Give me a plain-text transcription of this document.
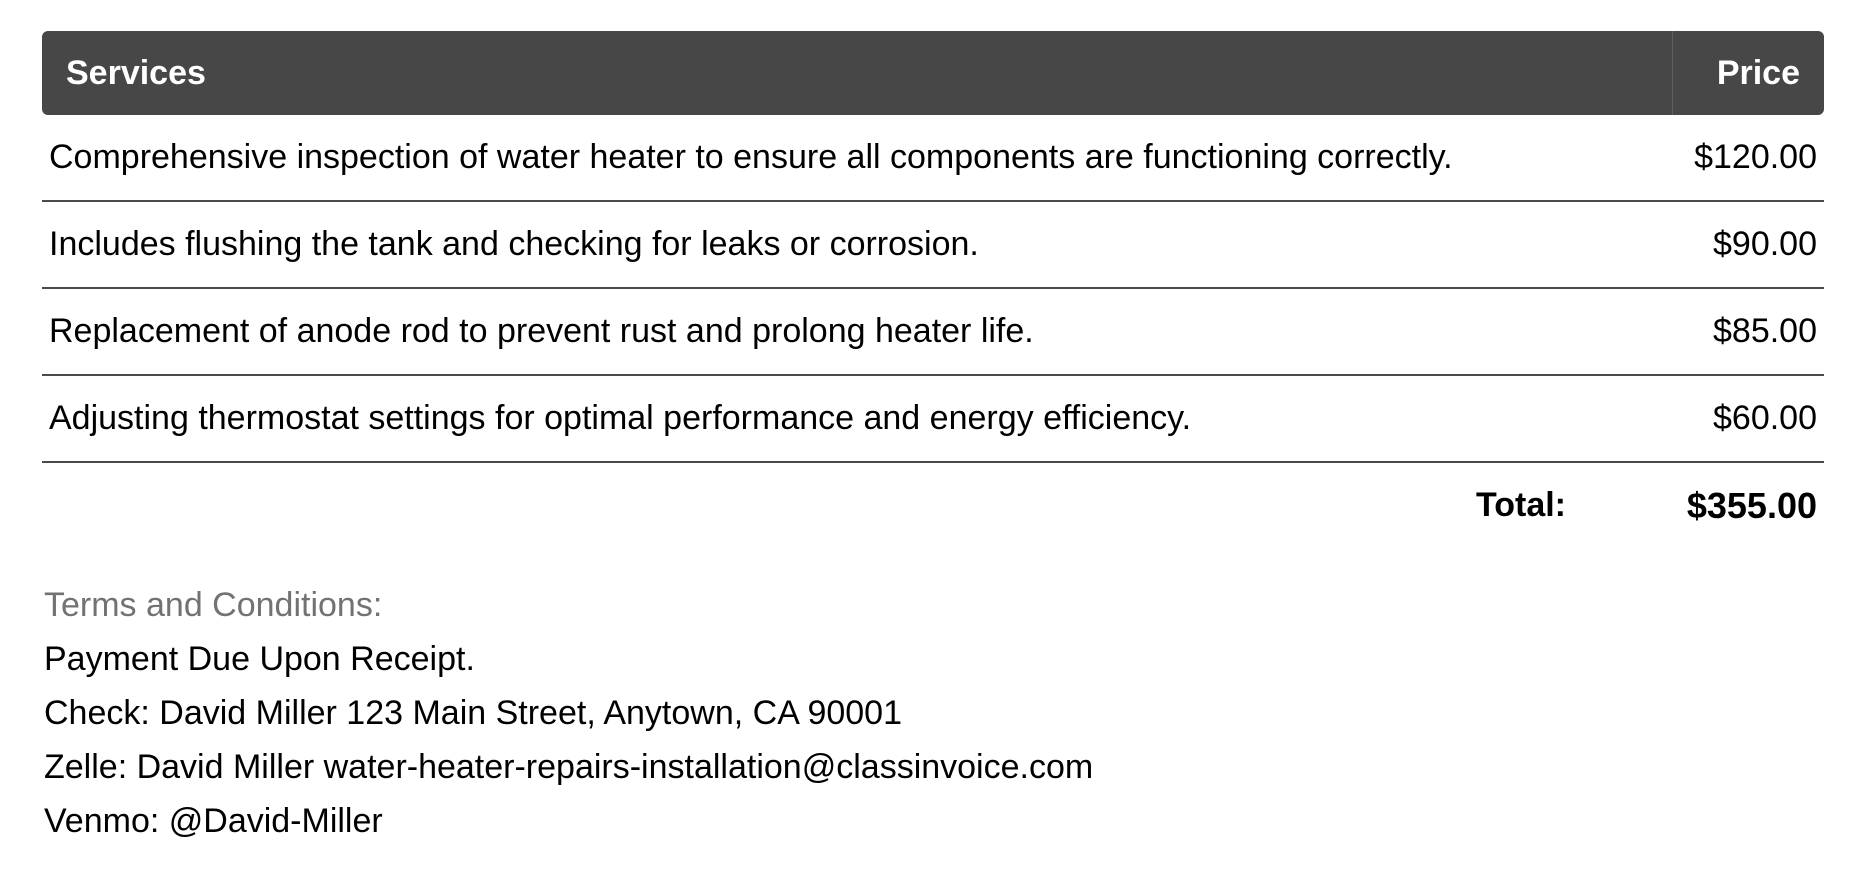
Services	Price
Comprehensive inspection of water heater to ensure all components are functioning correctly.	$120.00
Includes flushing the tank and checking for leaks or corrosion.	$90.00
Replacement of anode rod to prevent rust and prolong heater life.	$85.00
Adjusting thermostat settings for optimal performance and energy efficiency.	$60.00
Total:	$355.00
Terms and Conditions:
Payment Due Upon Receipt.
Check: David Miller 123 Main Street, Anytown, CA 90001
Zelle: David Miller water-heater-repairs-installation@classinvoice.com
Venmo: @David-Miller
